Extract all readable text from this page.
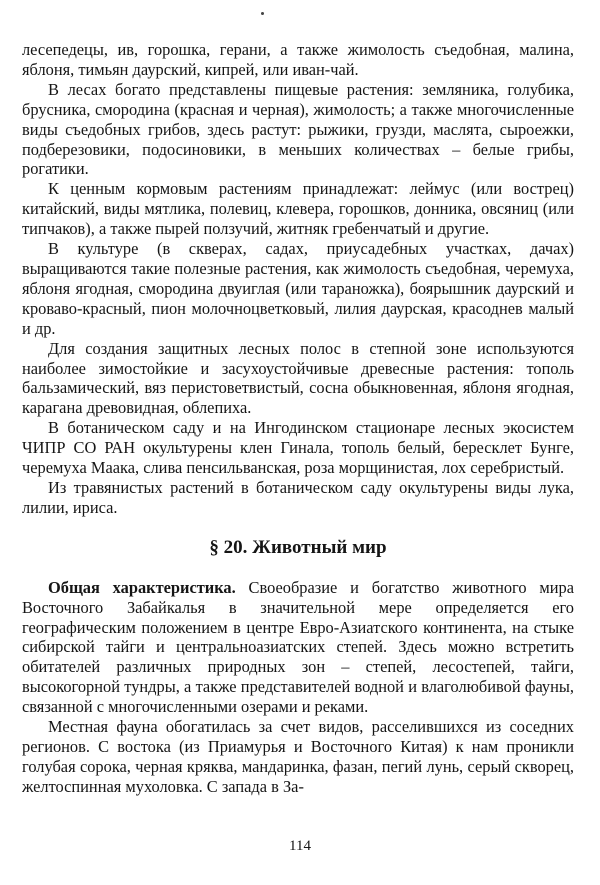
лесепедецы, ив, горошка, герани, а также жимолость съедобная, малина, яблоня, тимьян даурский, кипрей, или иван-чай.

В лесах богато представлены пищевые растения: земляника, голубика, брусника, смородина (красная и черная), жимолость; а также многочисленные виды съедобных грибов, здесь растут: рыжики, грузди, маслята, сыроежки, подберезовики, подосиновики, в меньших количествах – белые грибы, рогатики.

К ценным кормовым растениям принадлежат: леймус (или вострец) китайский, виды мятлика, полевиц, клевера, горошков, донника, овсяниц (или типчаков), а также пырей ползучий, житняк гребенчатый и другие.

В культуре (в скверах, садах, приусадебных участках, дачах) выращиваются такие полезные растения, как жимолость съедобная, черемуха, яблоня ягодная, смородина двуиглая (или тараножка), боярышник даурский и кроваво-красный, пион молочноцветковый, лилия даурская, красоднев малый и др.

Для создания защитных лесных полос в степной зоне используются наиболее зимостойкие и засухоустойчивые древесные растения: тополь бальзамический, вяз перистоветвистый, сосна обыкновенная, яблоня ягодная, карагана древовидная, облепиха.

В ботаническом саду и на Ингодинском стационаре лесных экосистем ЧИПР СО РАН окультурены клен Гинала, тополь белый, бересклет Бунге, черемуха Маака, слива пенсильванская, роза морщинистая, лох серебристый.

Из травянистых растений в ботаническом саду окультурены виды лука, лилии, ириса.

§ 20. Животный мир

Общая характеристика. Своеобразие и богатство животного мира Восточного Забайкалья в значительной мере определяется его географическим положением в центре Евро-Азиатского континента, на стыке сибирской тайги и центральноазиатских степей. Здесь можно встретить обитателей различных природных зон – степей, лесостепей, тайги, высокогорной тундры, а также представителей водной и влаголюбивой фауны, связанной с многочисленными озерами и реками.

Местная фауна обогатилась за счет видов, расселившихся из соседних регионов. С востока (из Приамурья и Восточного Китая) к нам проникли голубая сорока, черная кряква, мандаринка, фазан, пегий лунь, серый скворец, желтоспинная мухоловка. С запада в За-

114
